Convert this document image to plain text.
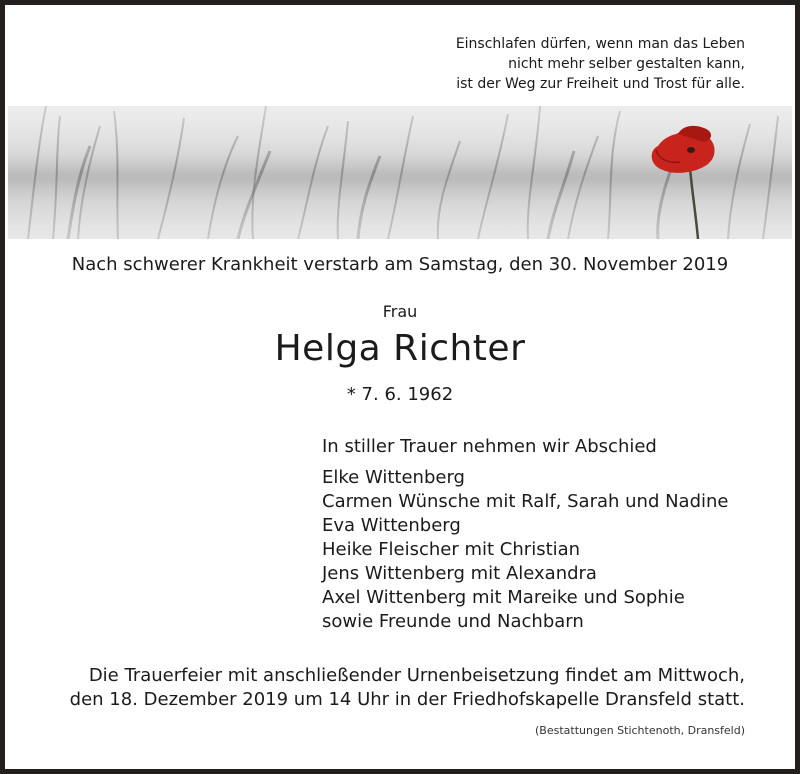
Einschlafen dürfen, wenn man das Leben
nicht mehr selber gestalten kann,
ist der Weg zur Freiheit und Trost für alle.
Nach schwerer Krankheit verstarb am Samstag, den 30. November 2019
Frau
Helga Richter
* 7. 6. 1962
In stiller Trauer nehmen wir Abschied
Elke Wittenberg
Carmen Wünsche mit Ralf, Sarah und Nadine
Eva Wittenberg
Heike Fleischer mit Christian
Jens Wittenberg mit Alexandra
Axel Wittenberg mit Mareike und Sophie
sowie Freunde und Nachbarn
Die Trauerfeier mit anschließender Urnenbeisetzung findet am Mittwoch,
den 18. Dezember 2019 um 14 Uhr in der Friedhofskapelle Dransfeld statt.
(Bestattungen Stichtenoth, Dransfeld)
